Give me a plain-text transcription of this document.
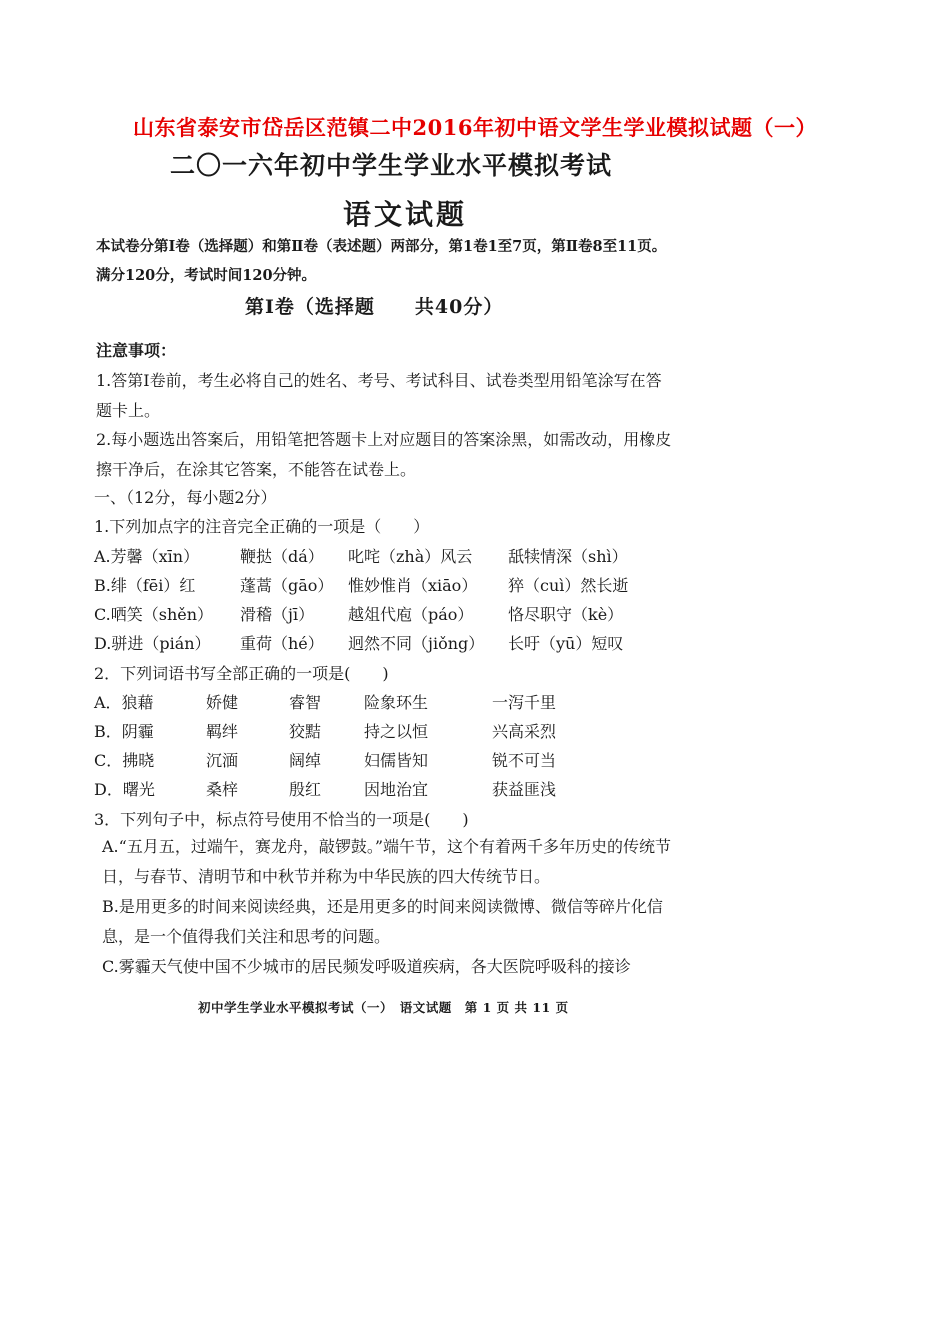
山东省泰安市岱岳区范镇二中2016年初中语文学生学业模拟试题（一）
二〇一六年初中学生学业水平模拟考试
语文试题
本试卷分第Ⅰ卷（选择题）和第Ⅱ卷（表述题）两部分，第1卷1至7页，第Ⅱ卷8至11页。满分120分，考试时间120分钟。
第Ⅰ卷（选择题　　共40分）
注意事项：
1.答第Ⅰ卷前，考生必将自己的姓名、考号、考试科目、试卷类型用铅笔涂写在答题卡上。
2.每小题选出答案后，用铅笔把答题卡上对应题目的答案涂黑，如需改动，用橡皮擦干净后，在涂其它答案，不能答在试卷上。
一、（12分，每小题2分）
1.下列加点字的注音完全正确的一项是（　　）
A.芳馨（xīn）	鞭挞（dá） 叱咤（zhà）风云 舐犊情深（shì）
B.绯（fēi）红	蓬蒿（gāo） 惟妙惟肖（xiāo） 猝（cuì）然长逝
C.哂笑（shěn） 滑稽（jī） 越俎代庖（páo） 恪尽职守（kè）
D.骈进（pián） 重荷（hé） 迥然不同（jiǒng） 长吁（yū）短叹
2．下列词语书写全部正确的一项是(　　)
A．狼藉	娇健	睿智	险象环生	一泻千里
B．阴霾	羁绊	狡黠	持之以恒	兴高采烈
C．拂晓	沉湎	阔绰	妇儒皆知	锐不可当
D．曙光	桑梓	殷红	因地治宜	获益匪浅
3．下列句子中，标点符号使用不恰当的一项是(　　)
A.“五月五，过端午，赛龙舟，敲锣鼓。”端午节，这个有着两千多年历史的传统节日，与春节、清明节和中秋节并称为中华民族的四大传统节日。
B.是用更多的时间来阅读经典，还是用更多的时间来阅读微博、微信等碎片化信息，是一个值得我们关注和思考的问题。
C.雾霾天气使中国不少城市的居民频发呼吸道疾病，各大医院呼吸科的接诊
初中学生学业水平模拟考试（一）　语文试题　第 1 页 共 11 页
